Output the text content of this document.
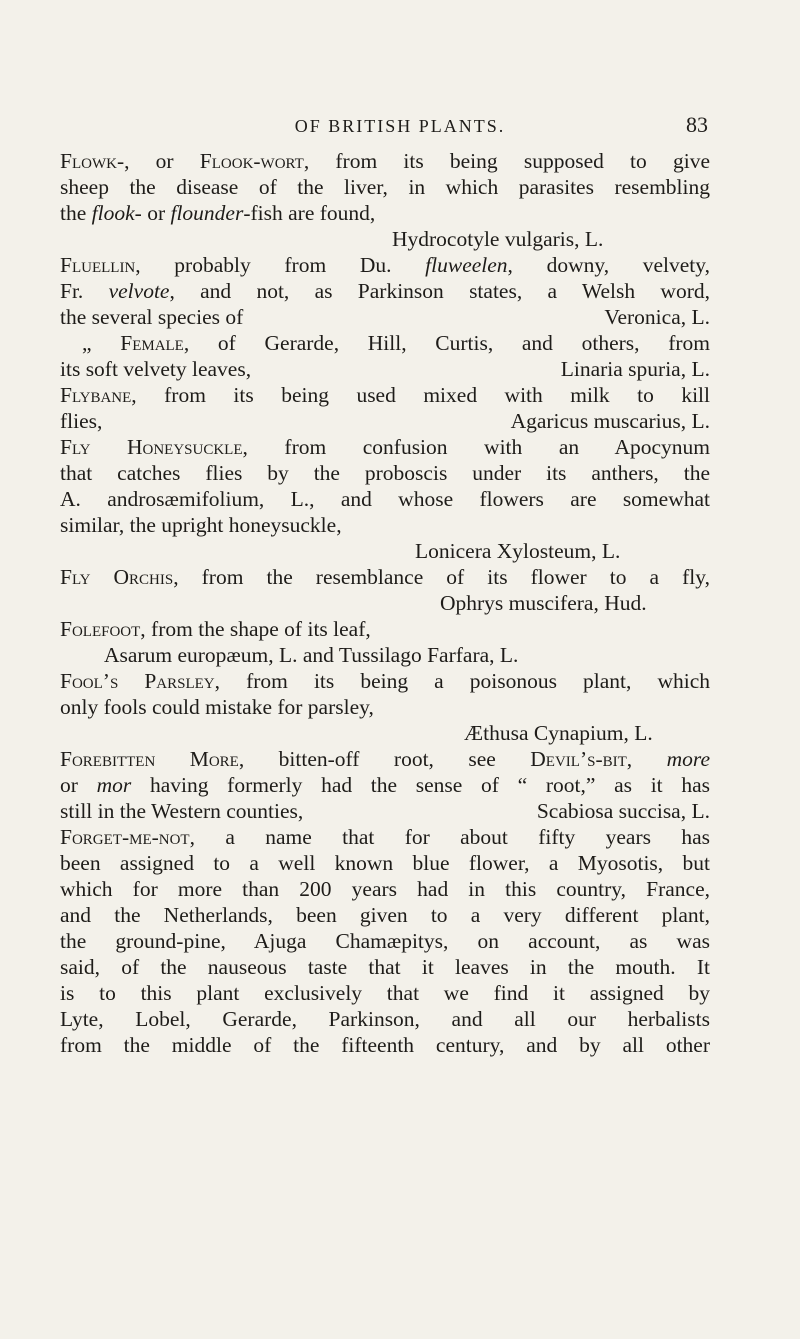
OF BRITISH PLANTS.	83
Flowk-, or Flook-wort, from its being supposed to give
sheep the disease of the liver, in which parasites resembling
the flook- or flounder-fish are found,
Hydrocotyle vulgaris, L.
Fluellin, probably from Du. fluweelen, downy, velvety,
Fr. velvote, and not, as Parkinson states, a Welsh word,
the several species of	Veronica, L.
„ Female, of Gerarde, Hill, Curtis, and others, from
its soft velvety leaves,	Linaria spuria, L.
Flybane, from its being used mixed with milk to kill
flies,	Agaricus muscarius, L.
Fly Honeysuckle, from confusion with an Apocynum
that catches flies by the proboscis under its anthers, the
A. androsæmifolium, L., and whose flowers are somewhat
similar, the upright honeysuckle,
Lonicera Xylosteum, L.
Fly Orchis, from the resemblance of its flower to a fly,
Ophrys muscifera, Hud.
Folefoot, from the shape of its leaf,
Asarum europæum, L. and Tussilago Farfara, L.
Fool’s Parsley, from its being a poisonous plant, which
only fools could mistake for parsley,
Æthusa Cynapium, L.
Forebitten More, bitten-off root, see Devil’s-bit, more
or mor having formerly had the sense of “ root,” as it has
still in the Western counties,	Scabiosa succisa, L.
Forget-me-not, a name that for about fifty years has
been assigned to a well known blue flower, a Myosotis, but
which for more than 200 years had in this country, France,
and the Netherlands, been given to a very different plant,
the ground-pine, Ajuga Chamæpitys, on account, as was
said, of the nauseous taste that it leaves in the mouth. It
is to this plant exclusively that we find it assigned by
Lyte, Lobel, Gerarde, Parkinson, and all our herbalists
from the middle of the fifteenth century, and by all other
